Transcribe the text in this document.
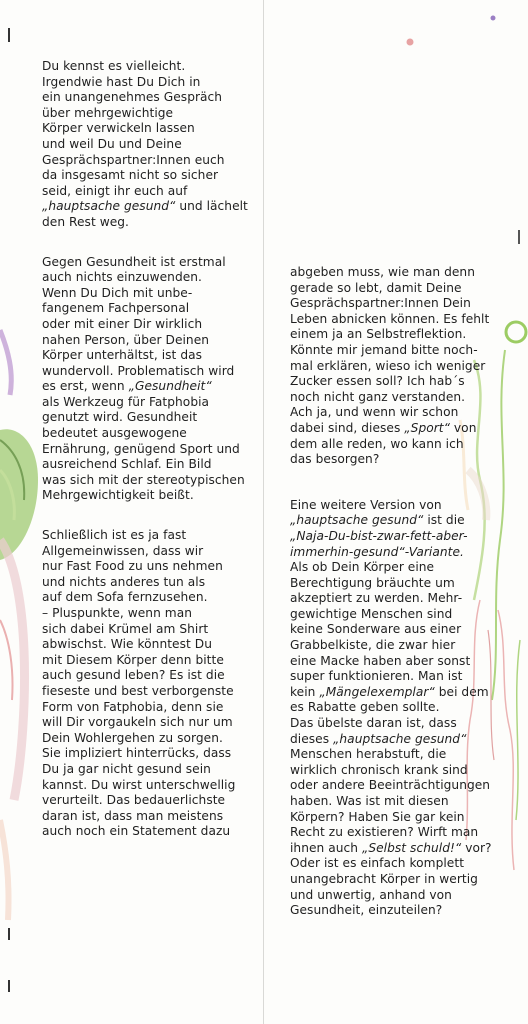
Du kennst es vielleicht.
Irgendwie hast Du Dich in
ein unangenehmes Gespräch
über mehrgewichtige
Körper verwickeln lassen
und weil Du und Deine
Gesprächspartner:Innen euch
da insgesamt nicht so sicher
seid, einigt ihr euch auf
„hauptsache gesund“ und lächelt
den Rest weg.

Gegen Gesundheit ist erstmal
auch nichts einzuwenden.
Wenn Du Dich mit unbe-
fangenem Fachpersonal
oder mit einer Dir wirklich
nahen Person, über Deinen
Körper unterhältst, ist das
wundervoll. Problematisch wird
es erst, wenn „Gesundheit“
als Werkzeug für Fatphobia
genutzt wird. Gesundheit
bedeutet ausgewogene
Ernährung, genügend Sport und
ausreichend Schlaf. Ein Bild
was sich mit der stereotypischen
Mehrgewichtigkeit beißt.

Schließlich ist es ja fast
Allgemeinwissen, dass wir
nur Fast Food zu uns nehmen
und nichts anderes tun als
auf dem Sofa fernzusehen.
– Pluspunkte, wenn man
sich dabei Krümel am Shirt
abwischst. Wie könntest Du
mit Diesem Körper denn bitte
auch gesund leben? Es ist die
fieseste und best verborgenste
Form von Fatphobia, denn sie
will Dir vorgaukeln sich nur um
Dein Wohlergehen zu sorgen.
Sie impliziert hinterrücks, dass
Du ja gar nicht gesund sein
kannst. Du wirst unterschwellig
verurteilt. Das bedauerlichste
daran ist, dass man meistens
auch noch ein Statement dazu

abgeben muss, wie man denn
gerade so lebt, damit Deine
Gesprächspartner:Innen Dein
Leben abnicken können. Es fehlt
einem ja an Selbstreflektion.
Könnte mir jemand bitte noch-
mal erklären, wieso ich weniger
Zucker essen soll? Ich hab´s
noch nicht ganz verstanden.
Ach ja, und wenn wir schon
dabei sind, dieses „Sport“ von
dem alle reden, wo kann ich
das besorgen?

Eine weitere Version von
„hauptsache gesund“ ist die
„Naja-Du-bist-zwar-fett-aber-
immerhin-gesund“-Variante.
Als ob Dein Körper eine
Berechtigung bräuchte um
akzeptiert zu werden. Mehr-
gewichtige Menschen sind
keine Sonderware aus einer
Grabbelkiste, die zwar hier
eine Macke haben aber sonst
super funktionieren. Man ist
kein „Mängelexemplar“ bei dem
es Rabatte geben sollte.
Das übelste daran ist, dass
dieses „hauptsache gesund“
Menschen herabstuft, die
wirklich chronisch krank sind
oder andere Beeinträchtigungen
haben. Was ist mit diesen
Körpern? Haben Sie gar kein
Recht zu existieren? Wirft man
ihnen auch „Selbst schuld!“ vor?
Oder ist es einfach komplett
unangebracht Körper in wertig
und unwertig, anhand von
Gesundheit, einzuteilen?
